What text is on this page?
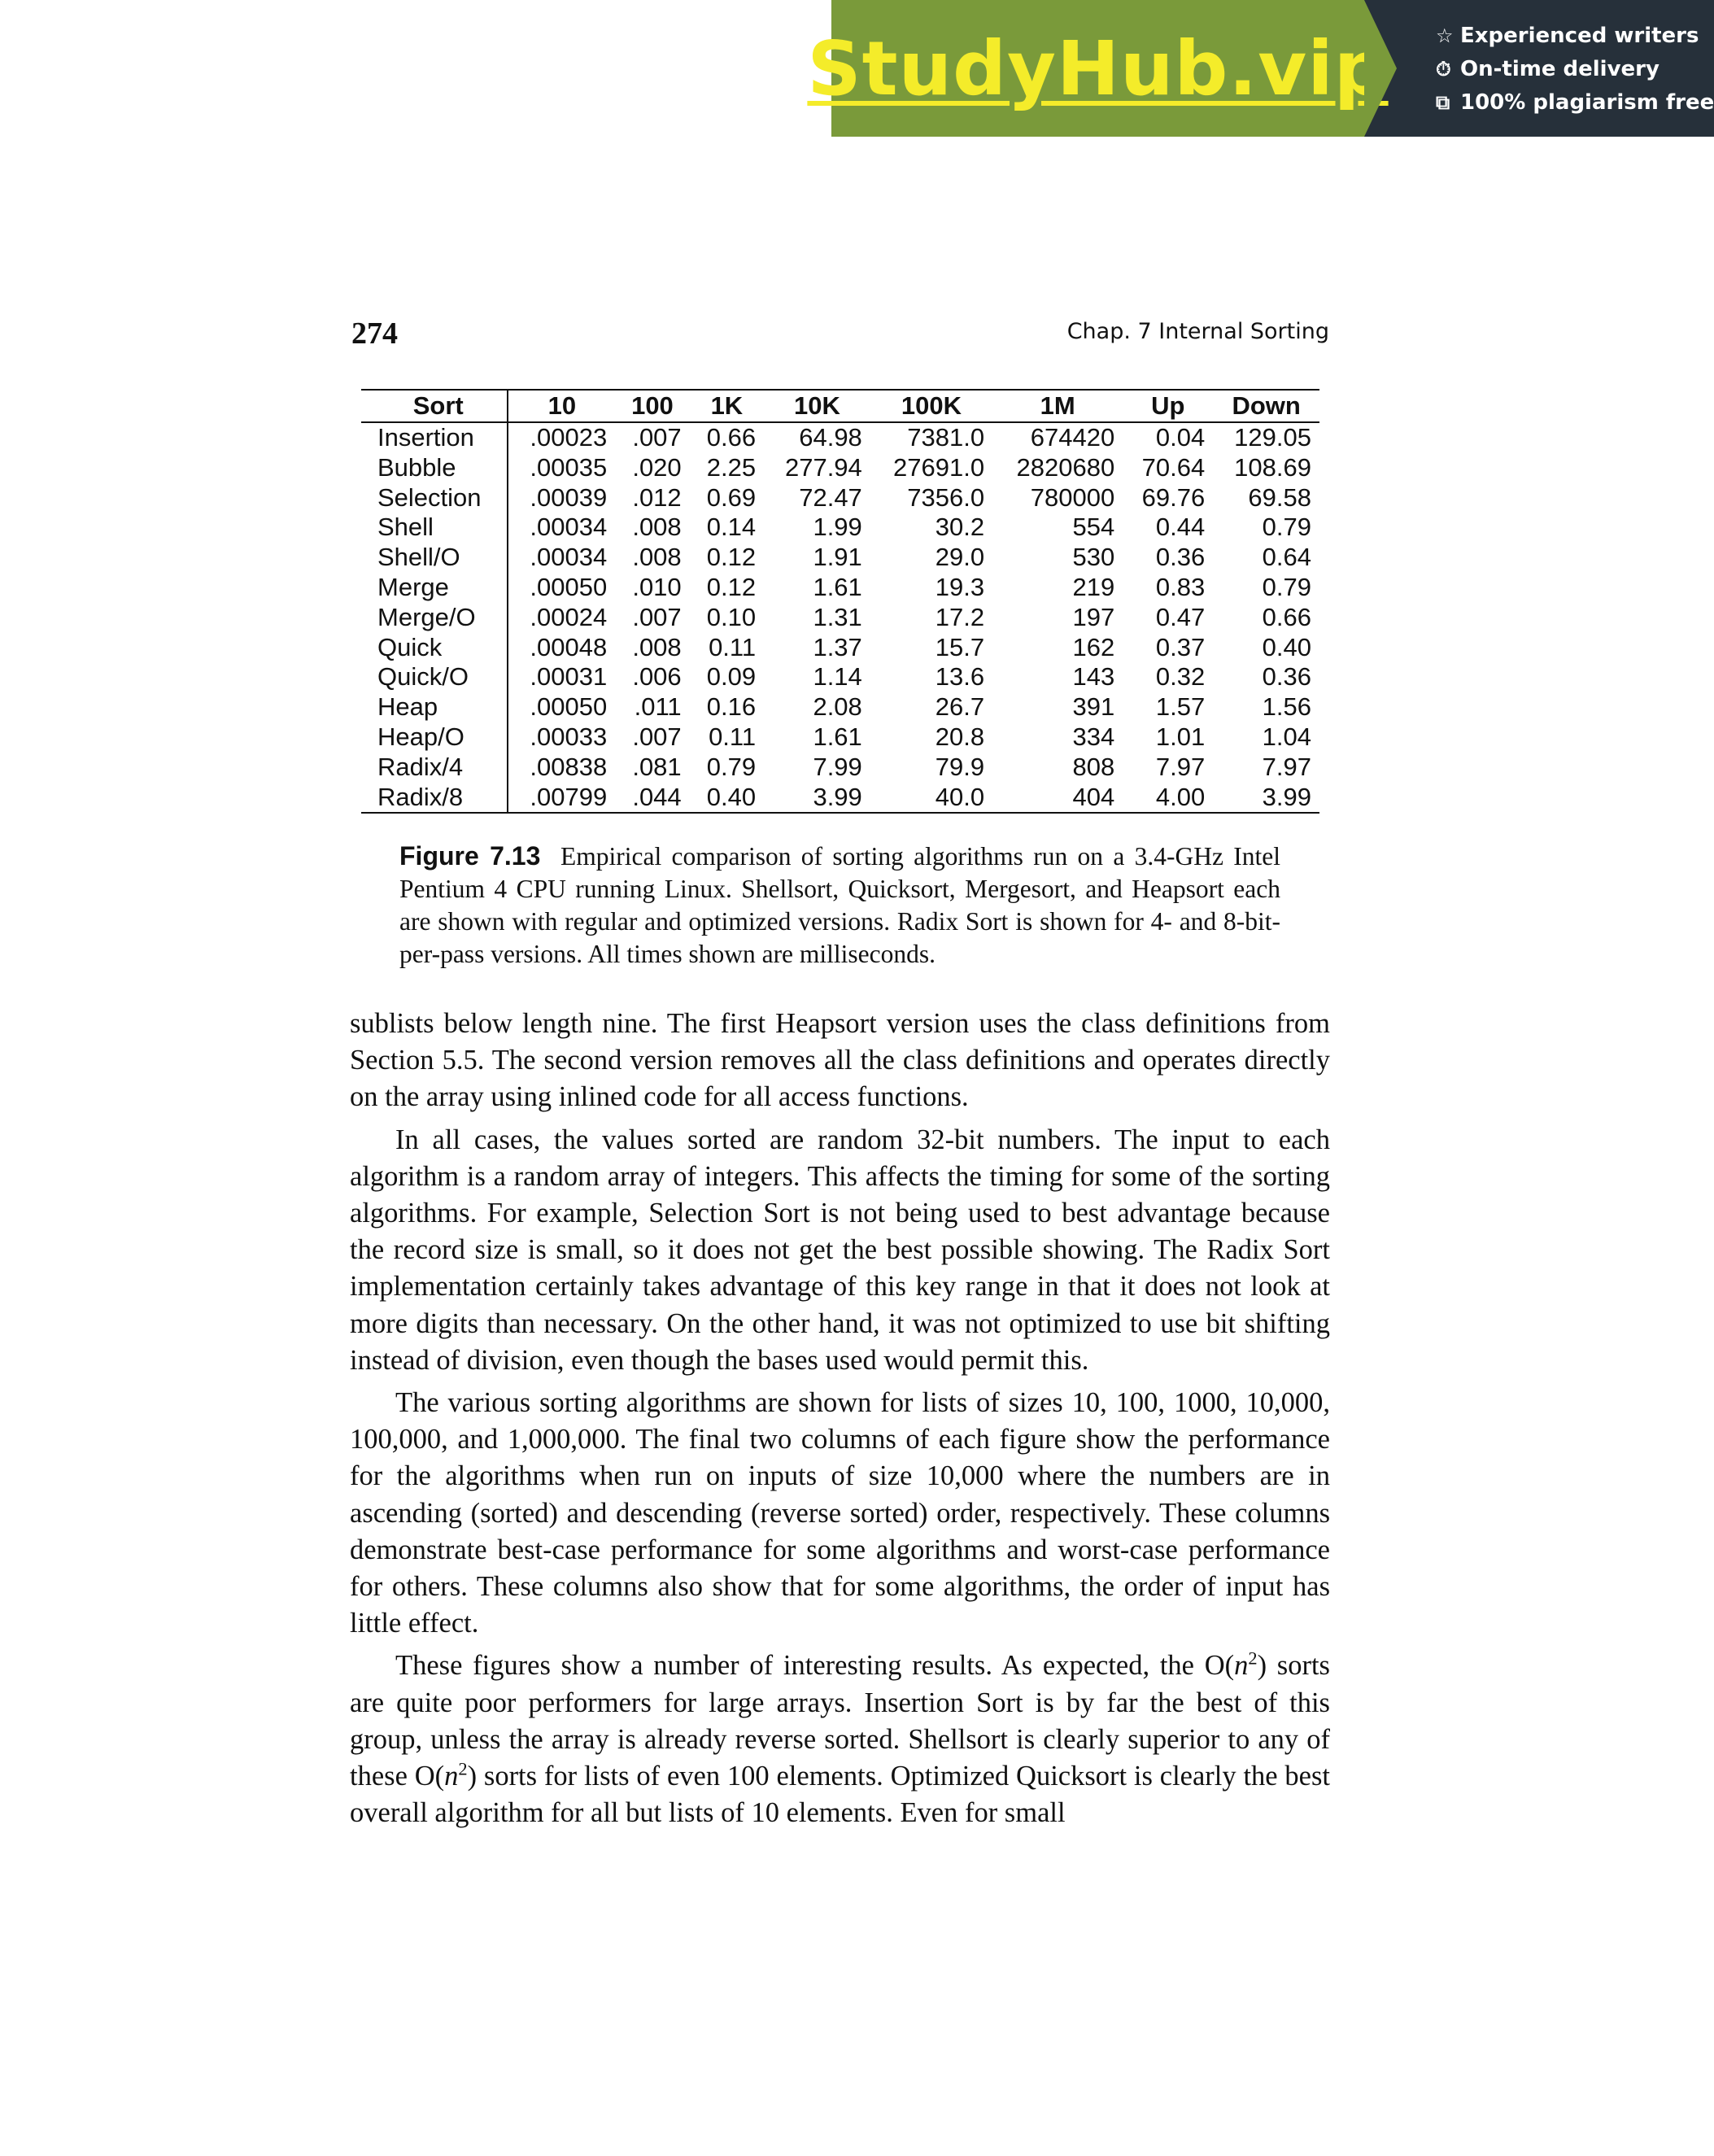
StudyHub.vip ☆ Experienced writers
⏱ On-time delivery
⧉ 100% plagiarism free
274	Chap. 7 Internal Sorting
Sort	10	100	1K	10K	100K	1M	Up	Down
Insertion	.00023	.007	0.66	64.98	7381.0	674420	0.04	129.05
Bubble	.00035	.020	2.25	277.94	27691.0	2820680	70.64	108.69
Selection	.00039	.012	0.69	72.47	7356.0	780000	69.76	69.58
Shell	.00034	.008	0.14	1.99	30.2	554	0.44	0.79
Shell/O	.00034	.008	0.12	1.91	29.0	530	0.36	0.64
Merge	.00050	.010	0.12	1.61	19.3	219	0.83	0.79
Merge/O	.00024	.007	0.10	1.31	17.2	197	0.47	0.66
Quick	.00048	.008	0.11	1.37	15.7	162	0.37	0.40
Quick/O	.00031	.006	0.09	1.14	13.6	143	0.32	0.36
Heap	.00050	.011	0.16	2.08	26.7	391	1.57	1.56
Heap/O	.00033	.007	0.11	1.61	20.8	334	1.01	1.04
Radix/4	.00838	.081	0.79	7.99	79.9	808	7.97	7.97
Radix/8	.00799	.044	0.40	3.99	40.0	404	4.00	3.99
Figure 7.13 Empirical comparison of sorting algorithms run on a 3.4-GHz Intel Pentium 4 CPU running Linux. Shellsort, Quicksort, Mergesort, and Heapsort each are shown with regular and optimized versions. Radix Sort is shown for 4- and 8-bit-per-pass versions. All times shown are milliseconds.

sublists below length nine. The first Heapsort version uses the class definitions from Section 5.5. The second version removes all the class definitions and operates directly on the array using inlined code for all access functions.

In all cases, the values sorted are random 32-bit numbers. The input to each algorithm is a random array of integers. This affects the timing for some of the sorting algorithms. For example, Selection Sort is not being used to best advantage because the record size is small, so it does not get the best possible showing. The Radix Sort implementation certainly takes advantage of this key range in that it does not look at more digits than necessary. On the other hand, it was not optimized to use bit shifting instead of division, even though the bases used would permit this.

The various sorting algorithms are shown for lists of sizes 10, 100, 1000, 10,000, 100,000, and 1,000,000. The final two columns of each figure show the performance for the algorithms when run on inputs of size 10,000 where the numbers are in ascending (sorted) and descending (reverse sorted) order, respectively. These columns demonstrate best-case performance for some algorithms and worst-case performance for others. These columns also show that for some algorithms, the order of input has little effect.

These figures show a number of interesting results. As expected, the $O(n^2)$ sorts are quite poor performers for large arrays. Insertion Sort is by far the best of this group, unless the array is already reverse sorted. Shellsort is clearly superior to any of these $O(n^2)$ sorts for lists of even 100 elements. Optimized Quicksort is clearly the best overall algorithm for all but lists of 10 elements. Even for small
